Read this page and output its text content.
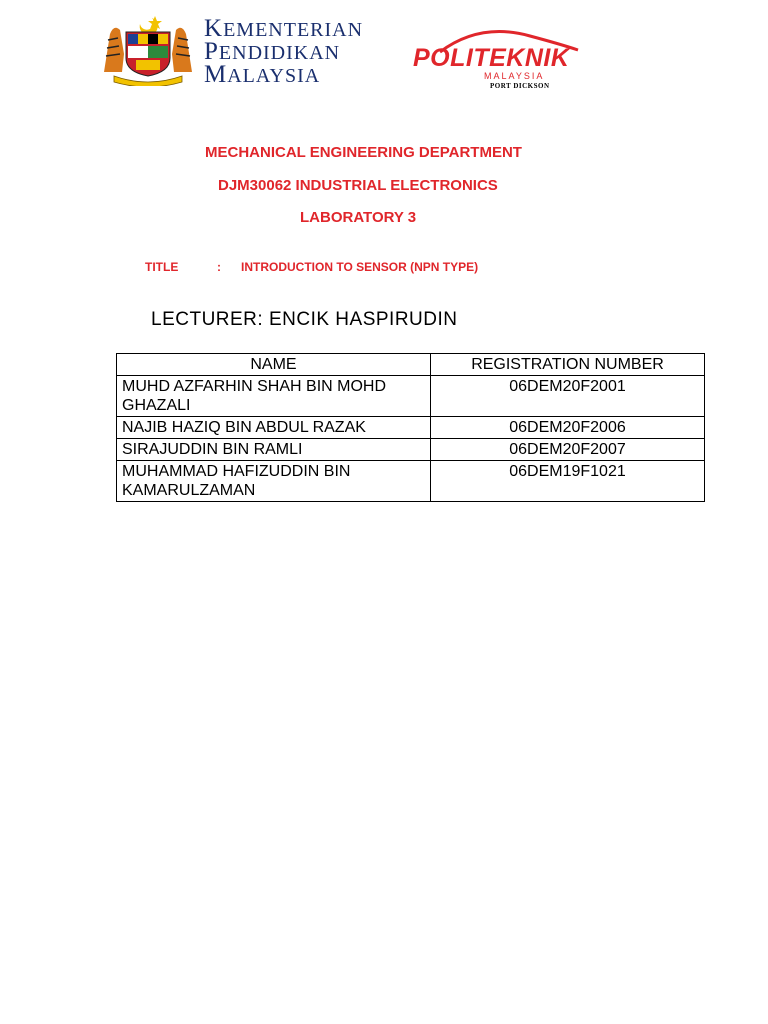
KEMENTERIAN
PENDIDIKAN
MALAYSIA
POLITEKNIK
MALAYSIA
PORT DICKSON
MECHANICAL ENGINEERING DEPARTMENT
DJM30062 INDUSTRIAL ELECTRONICS
LABORATORY 3
TITLE	: INTRODUCTION TO SENSOR (NPN TYPE)
LECTURER: ENCIK HASPIRUDIN
NAME	REGISTRATION NUMBER
MUHD AZFARHIN SHAH BIN MOHD GHAZALI	06DEM20F2001
NAJIB HAZIQ BIN ABDUL RAZAK	06DEM20F2006
SIRAJUDDIN BIN RAMLI	06DEM20F2007
MUHAMMAD HAFIZUDDIN BIN KAMARULZAMAN	06DEM19F1021
